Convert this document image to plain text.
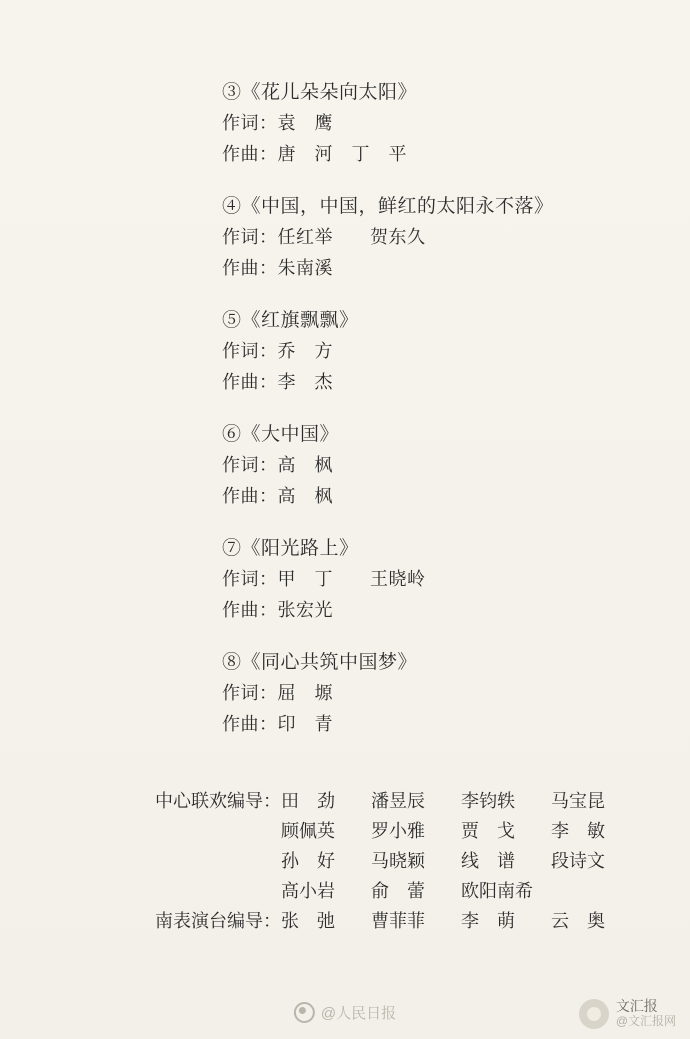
③《花儿朵朵向太阳》
作词：袁　鹰
作曲：唐　河　丁　平
④《中国，中国，鲜红的太阳永不落》
作词：任红举　　贺东久
作曲：朱南溪
⑤《红旗飘飘》
作词：乔　方
作曲：李　杰
⑥《大中国》
作词：高　枫
作曲：高　枫
⑦《阳光路上》
作词：甲　丁　　王晓岭
作曲：张宏光
⑧《同心共筑中国梦》
作词：屈　塬
作曲：印　青
中心联欢编导：田　劲　　潘昱辰　　李钧轶　　马宝昆
　　　　　　　顾佩英　　罗小雅　　贾　戈　　李　敏
　　　　　　　孙　好　　马晓颖　　线　谱　　段诗文
　　　　　　　高小岩　　俞　蕾　　欧阳南希
南表演台编导：张　弛　　曹菲菲　　李　萌　　云　奥
@人民日报	文汇报
@文汇报网
